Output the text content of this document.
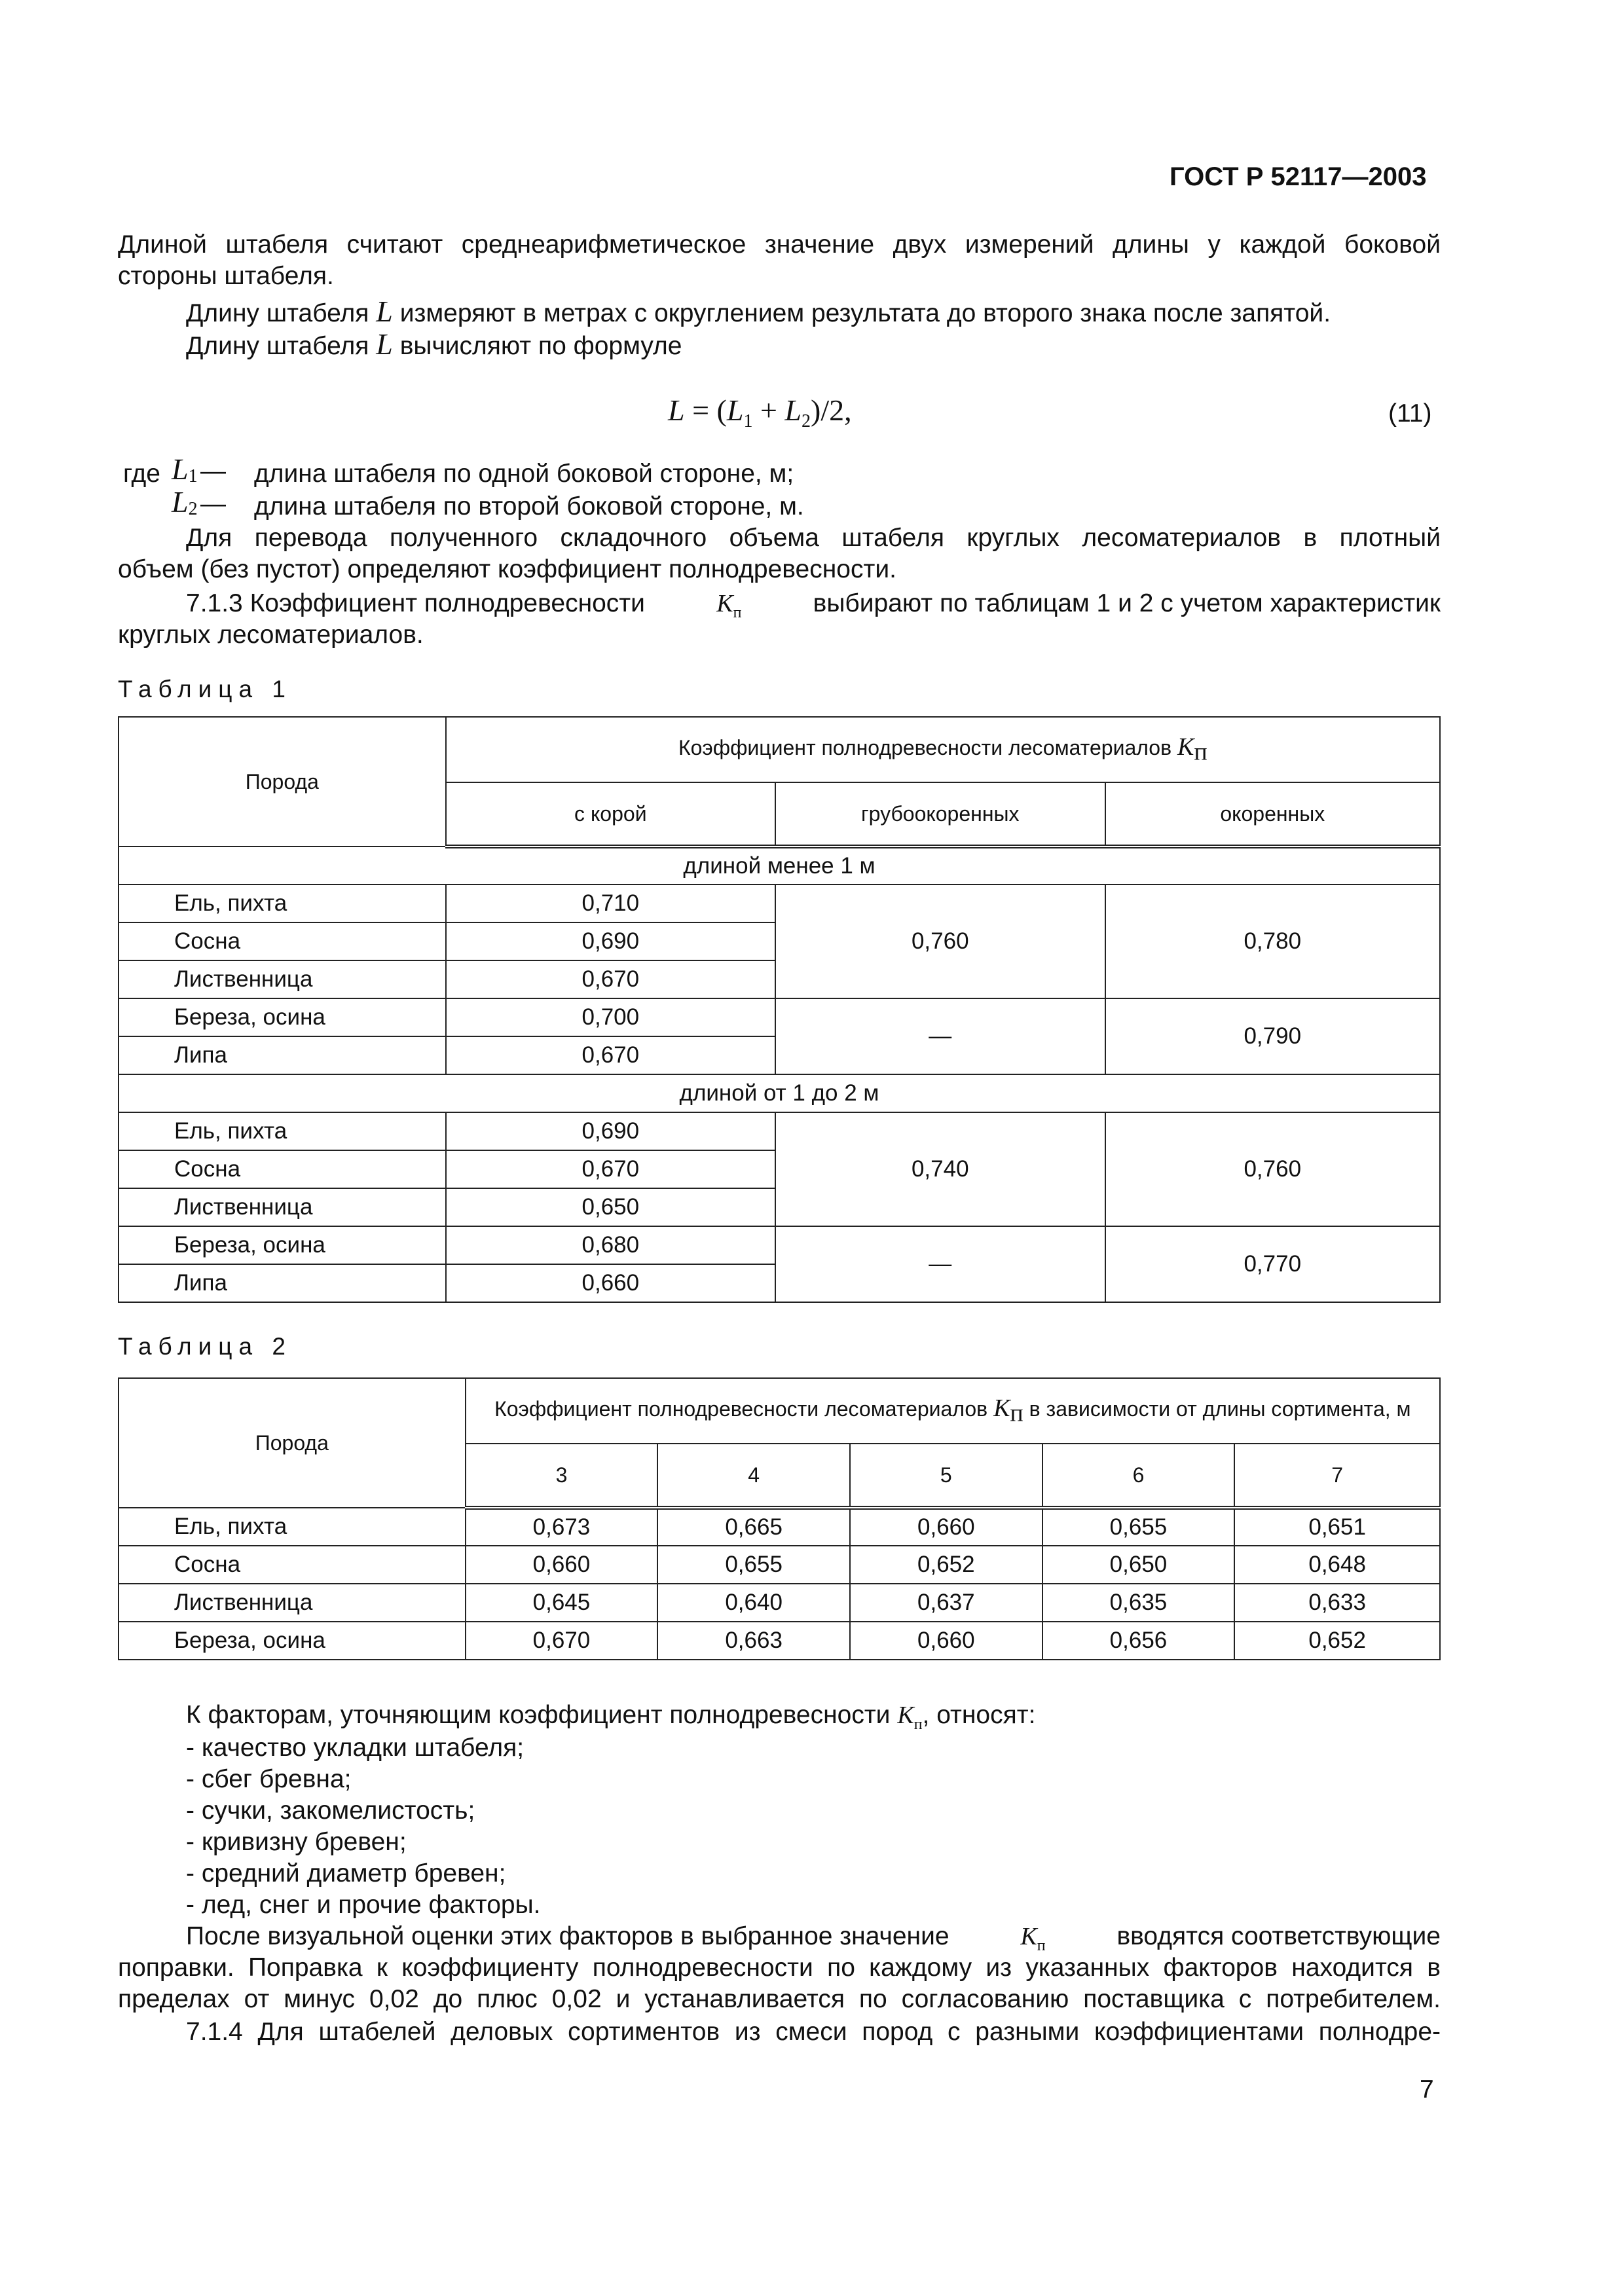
ГОСТ Р 52117—2003
Длиной штабеля считают среднеарифметическое значение двух измерений длины у каждой боковой
стороны штабеля.
Длину штабеля L измеряют в метрах с округлением результата до второго знака после запятой.
Длину штабеля L вычисляют по формуле
$L = (L_1 + L_2)/2$,	(11)
где $L_1$ — длина штабеля по одной боковой стороне, м;
$L_2$ — длина штабеля по второй боковой стороне, м.
Для перевода полученного складочного объема штабеля круглых лесоматериалов в плотный
объем (без пустот) определяют коэффициент полнодревесности.
7.1.3 Коэффициент полнодревесности	$K_п$	выбирают по таблицам 1 и 2 с учетом характеристик
круглых лесоматериалов.
Таблица 1
Порода	Коэффициент полнодревесности лесоматериалов $K_п$
	с корой	грубоокоренных	окоренных
длиной менее 1 м			
Ель, пихта	0,710	0,760	0,780
Сосна	0,690		
Лиственница	0,670		
Береза, осина	0,700	—	0,790
Липа	0,670		
длиной от 1 до 2 м			
Ель, пихта	0,690	0,740	0,760
Сосна	0,670		
Лиственница	0,650		
Береза, осина	0,680	—	0,770
Липа	0,660		
Таблица 2
Порода	Коэффициент полнодревесности лесоматериалов $K_п$ в зависимости от длины сортимента, м				
	3	4	5	6	7
Ель, пихта	0,673	0,665	0,660	0,655	0,651
Сосна	0,660	0,655	0,652	0,650	0,648
Лиственница	0,645	0,640	0,637	0,635	0,633
Береза, осина	0,670	0,663	0,660	0,656	0,652
К факторам, уточняющим коэффициент полнодревесности $K_п$, относят:
- качество укладки штабеля;
- сбег бревна;
- сучки, закомелистость;
- кривизну бревен;
- средний диаметр бревен;
- лед, снег и прочие факторы.
После визуальной оценки этих факторов в выбранное значение	$K_п$	вводятся соответствующие
поправки. Поправка к коэффициенту полнодревесности по каждому из указанных факторов находится в
пределах от минус 0,02 до плюс 0,02 и устанавливается по согласованию поставщика с потребителем.
7.1.4 Для штабелей деловых сортиментов из смеси пород с разными коэффициентами полнодре-
7
